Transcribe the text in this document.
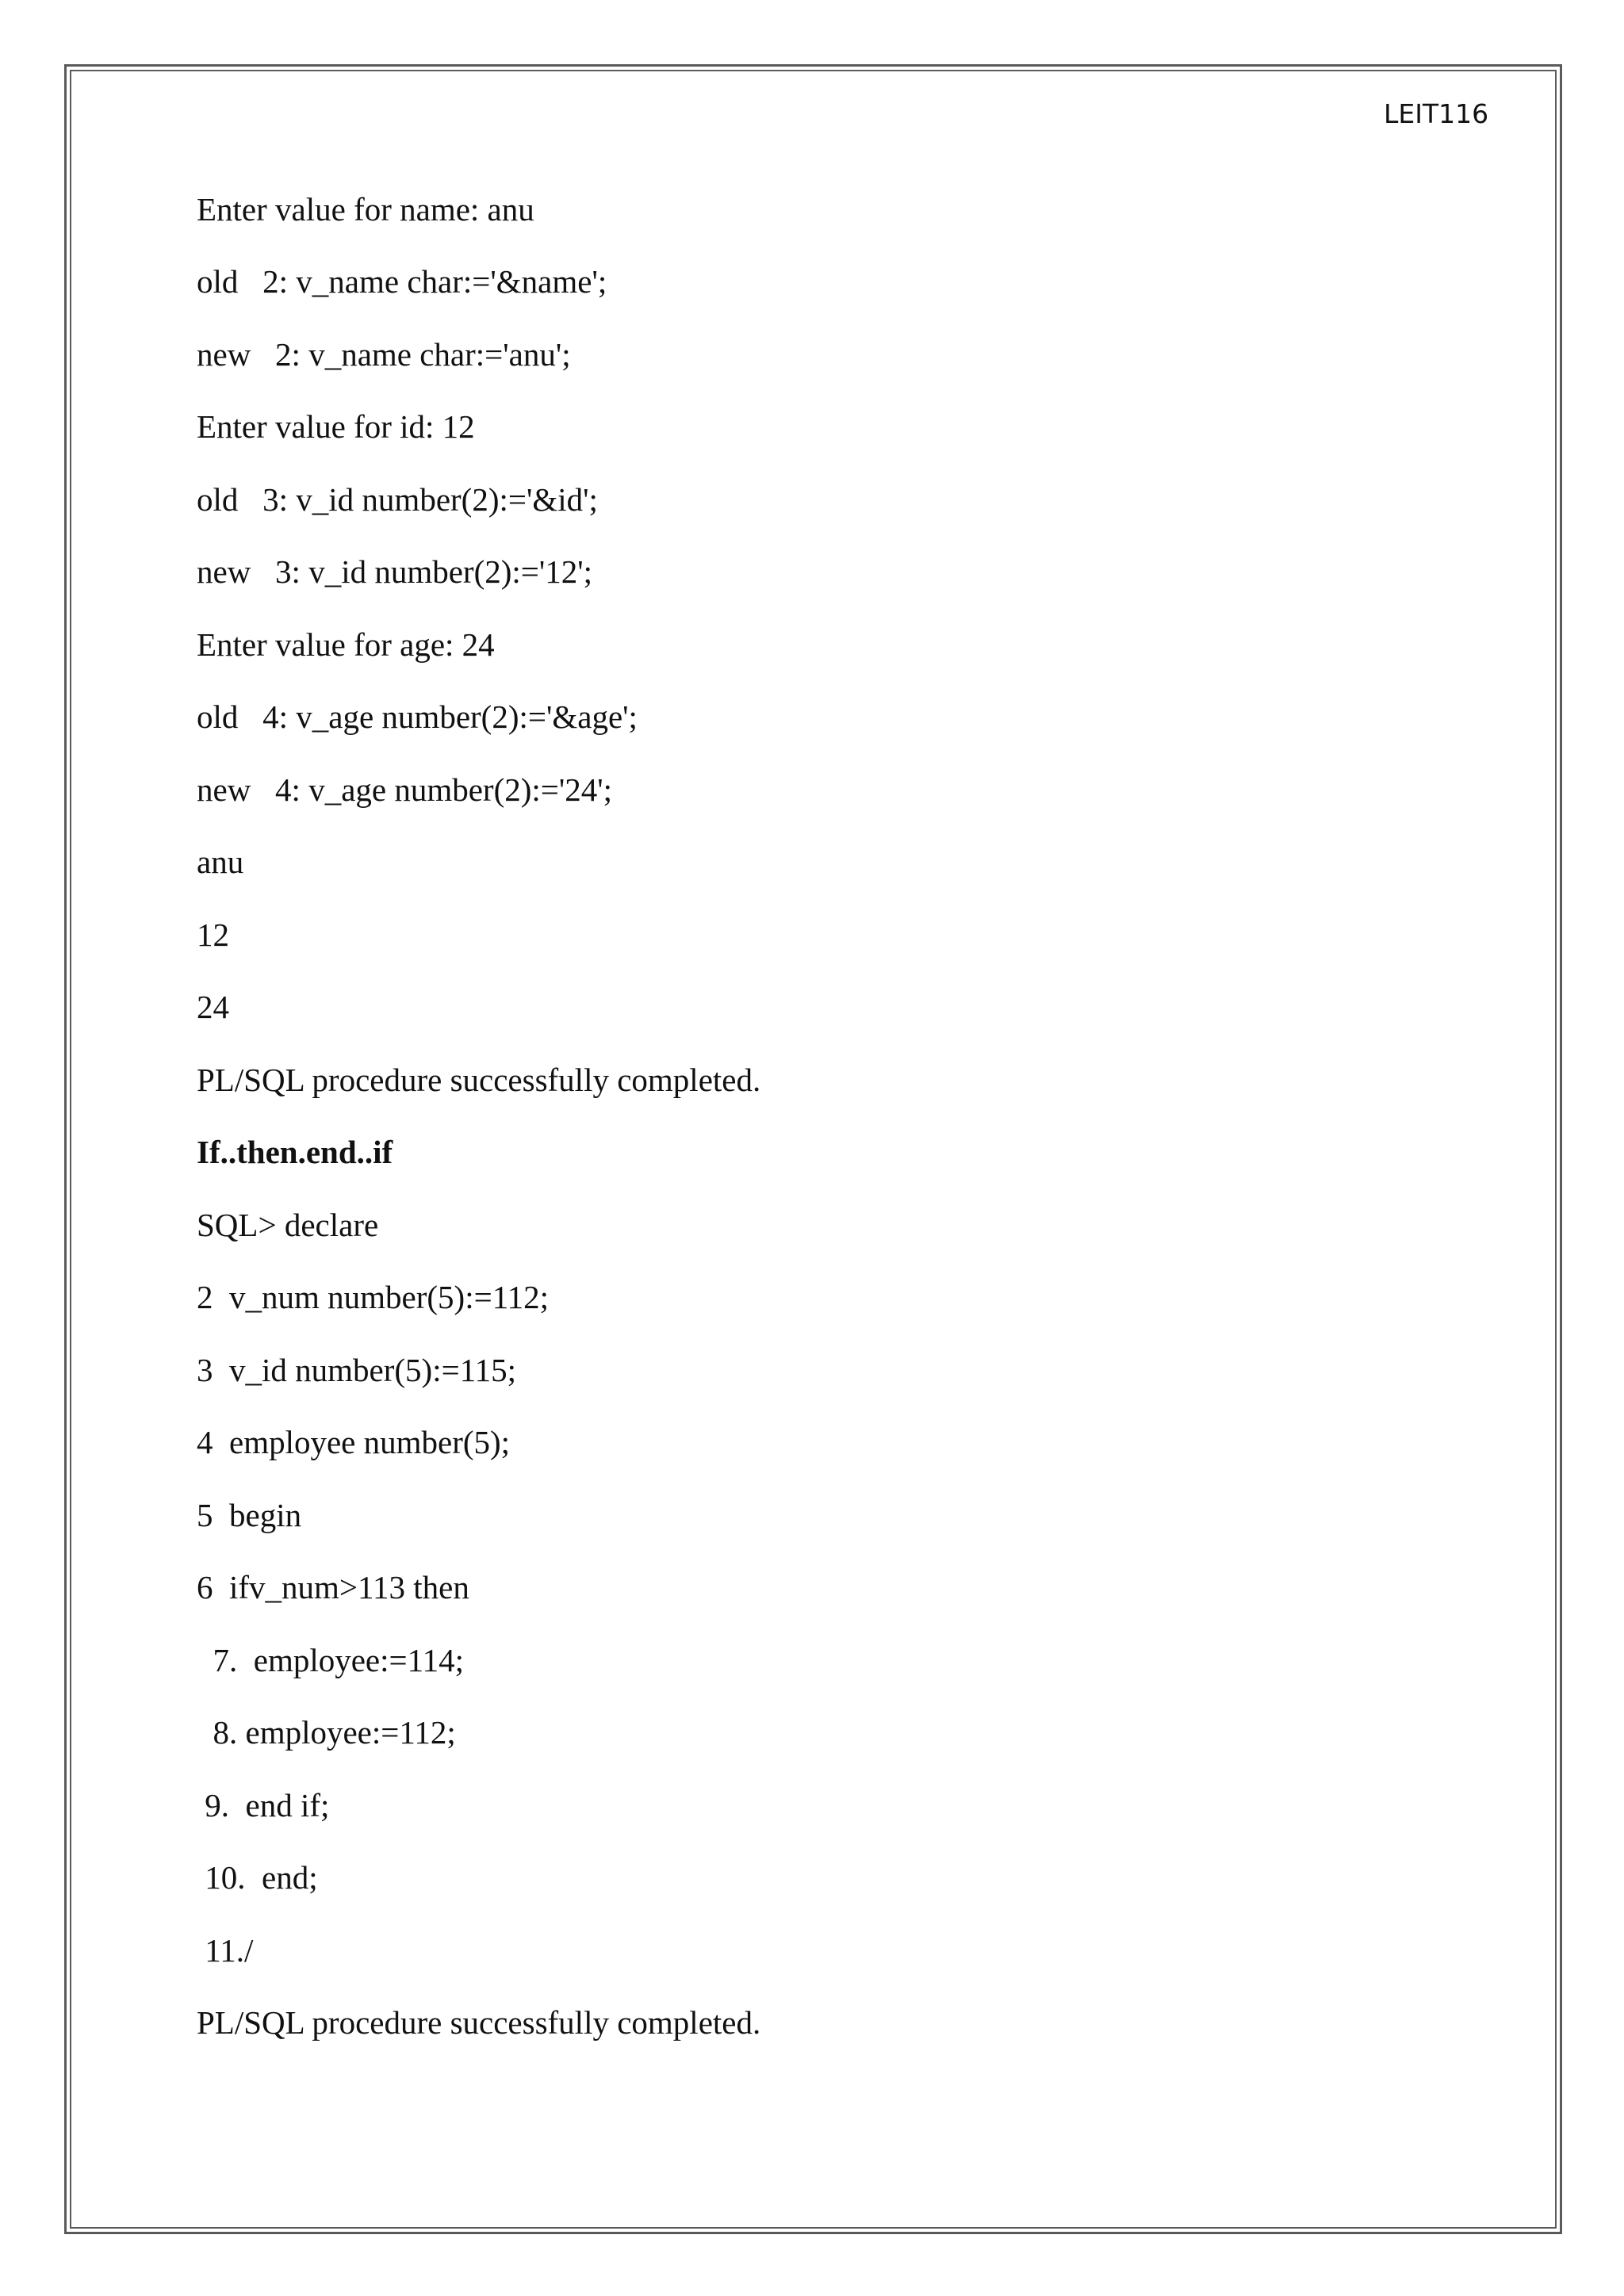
LEIT116
Enter value for name: anu
old   2: v_name char:='&name';
new   2: v_name char:='anu';
Enter value for id: 12
old   3: v_id number(2):='&id';
new   3: v_id number(2):='12';
Enter value for age: 24
old   4: v_age number(2):='&age';
new   4: v_age number(2):='24';
anu
12
24
PL/SQL procedure successfully completed.
If..then.end..if
SQL> declare
2  v_num number(5):=112;
3  v_id number(5):=115;
4  employee number(5);
5  begin
6  ifv_num>113 then
7.  employee:=114;
8. employee:=112;
9.  end if;
10.  end;
11./
PL/SQL procedure successfully completed.
